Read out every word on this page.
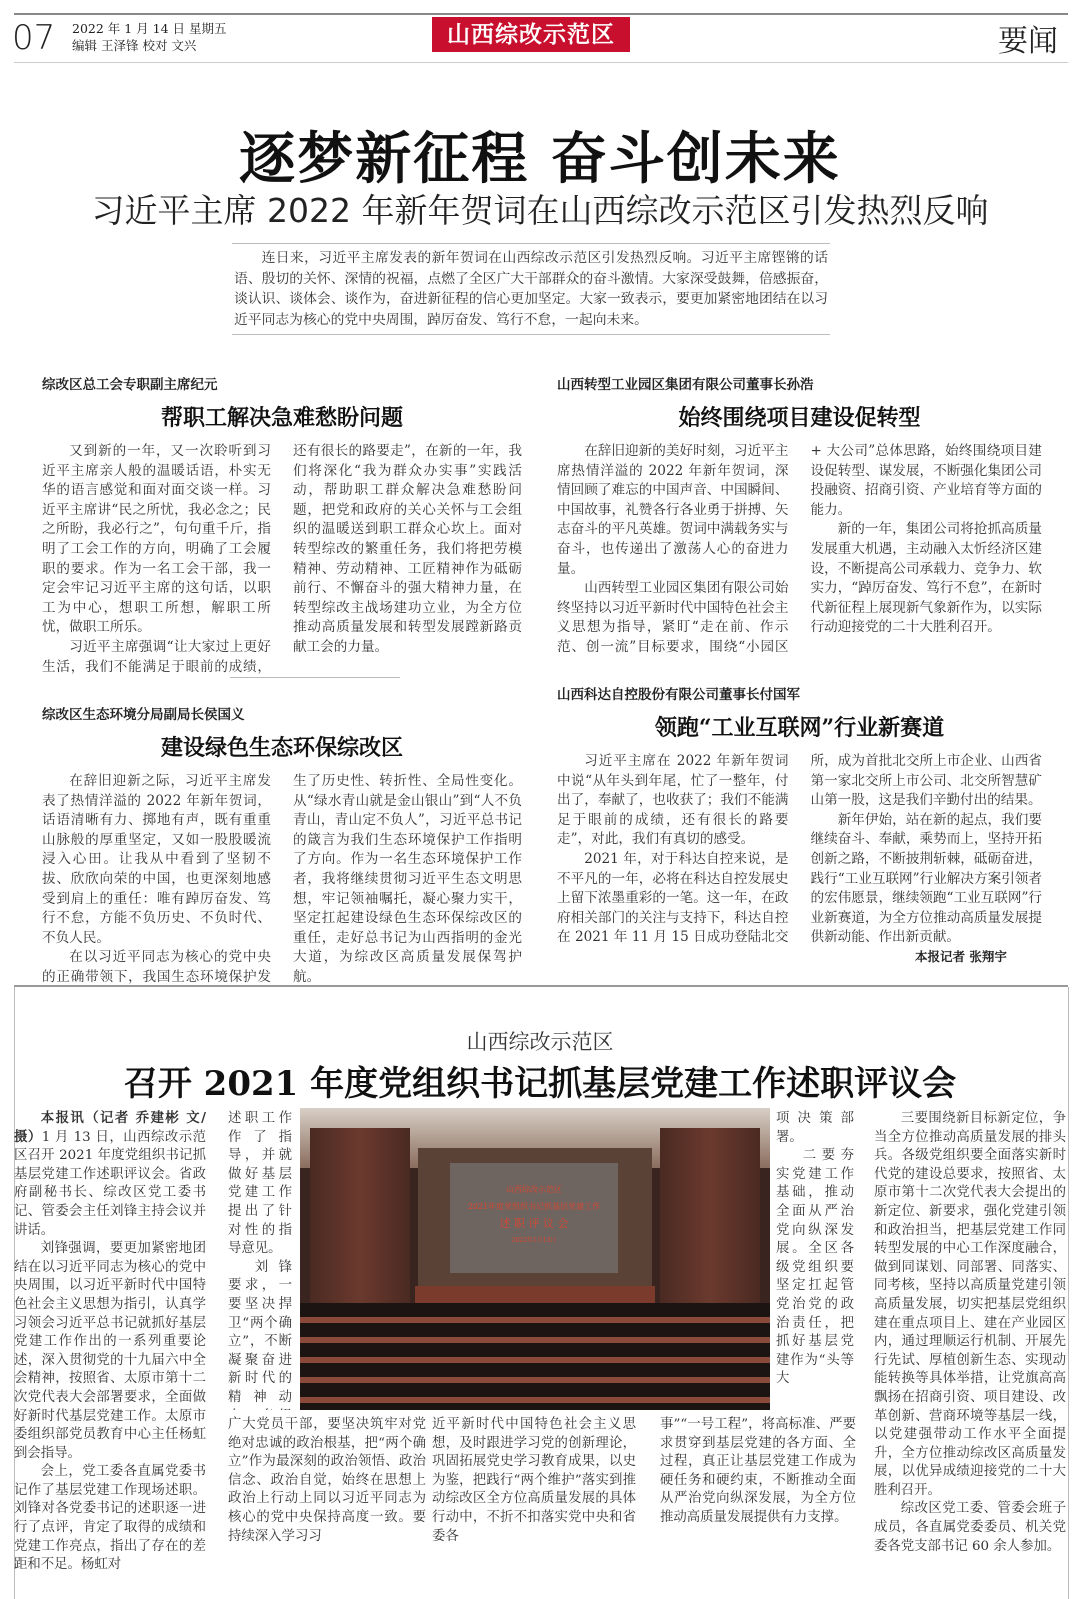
07 2022 年 1 月 14 日 星期五
编辑 王泽锋 校对 文兴	山西综改示范区	要闻
逐梦新征程 奋斗创未来
习近平主席 2022 年新年贺词在山西综改示范区引发热烈反响
连日来，习近平主席发表的新年贺词在山西综改示范区引发热烈反响。习近平主席铿锵的话语、殷切的关怀、深情的祝福，点燃了全区广大干部群众的奋斗激情。大家深受鼓舞，倍感振奋，谈认识、谈体会、谈作为，奋进新征程的信心更加坚定。大家一致表示，要更加紧密地团结在以习近平同志为核心的党中央周围，踔厉奋发、笃行不怠，一起向未来。
综改区总工会专职副主席纪元
帮职工解决急难愁盼问题

又到新的一年，又一次聆听到习近平主席亲人般的温暖话语，朴实无华的语言感觉和面对面交谈一样。习近平主席讲“民之所忧，我必念之；民之所盼，我必行之”，句句重千斤，指明了工会工作的方向，明确了工会履职的要求。作为一名工会干部，我一定会牢记习近平主席的这句话，以职工为中心，想职工所想，解职工所忧，做职工所乐。

习近平主席强调“让大家过上更好生活，我们不能满足于眼前的成绩，还有很长的路要走”，在新的一年，我们将深化“我为群众办实事”实践活动，帮助职工群众解决急难愁盼问题，把党和政府的关心关怀与工会组织的温暖送到职工群众心坎上。面对转型综改的繁重任务，我们将把劳模精神、劳动精神、工匠精神作为砥砺前行、不懈奋斗的强大精神力量，在转型综改主战场建功立业，为全方位推动高质量发展和转型发展蹚新路贡献工会的力量。

山西转型工业园区集团有限公司董事长孙浩
始终围绕项目建设促转型

在辞旧迎新的美好时刻，习近平主席热情洋溢的 2022 年新年贺词，深情回顾了难忘的中国声音、中国瞬间、中国故事，礼赞各行各业勇于拼搏、矢志奋斗的平凡英雄。贺词中满载务实与奋斗，也传递出了激荡人心的奋进力量。

山西转型工业园区集团有限公司始终坚持以习近平新时代中国特色社会主义思想为指导，紧盯“走在前、作示范、创一流”目标要求，围绕“小园区 + 大公司”总体思路，始终围绕项目建设促转型、谋发展，不断强化集团公司投融资、招商引资、产业培育等方面的能力。

新的一年，集团公司将抢抓高质量发展重大机遇，主动融入太忻经济区建设，不断提高公司承载力、竞争力、软实力，“踔厉奋发、笃行不怠”，在新时代新征程上展现新气象新作为，以实际行动迎接党的二十大胜利召开。

综改区生态环境分局副局长侯国义
建设绿色生态环保综改区

在辞旧迎新之际，习近平主席发表了热情洋溢的 2022 年新年贺词，话语清晰有力、掷地有声，既有重重山脉般的厚重坚定，又如一股股暖流浸入心田。让我从中看到了坚韧不拔、欣欣向荣的中国，也更深刻地感受到肩上的重任：唯有踔厉奋发、笃行不怠，方能不负历史、不负时代、不负人民。

在以习近平同志为核心的党中央的正确带领下，我国生态环境保护发生了历史性、转折性、全局性变化。从“绿水青山就是金山银山”到“人不负青山，青山定不负人”，习近平总书记的箴言为我们生态环境保护工作指明了方向。作为一名生态环境保护工作者，我将继续贯彻习近平生态文明思想，牢记领袖嘱托，凝心聚力实干，坚定扛起建设绿色生态环保综改区的重任，走好总书记为山西指明的金光大道，为综改区高质量发展保驾护航。

山西科达自控股份有限公司董事长付国军
领跑“工业互联网”行业新赛道

习近平主席在 2022 年新年贺词中说“从年头到年尾，忙了一整年，付出了，奉献了，也收获了；我们不能满足于眼前的成绩，还有很长的路要走”，对此，我们有真切的感受。

2021 年，对于科达自控来说，是不平凡的一年，必将在科达自控发展史上留下浓墨重彩的一笔。这一年，在政府相关部门的关注与支持下，科达自控在 2021 年 11 月 15 日成功登陆北交所，成为首批北交所上市企业、山西省第一家北交所上市公司、北交所智慧矿山第一股，这是我们辛勤付出的结果。

新年伊始，站在新的起点，我们要继续奋斗、奉献，乘势而上，坚持开拓创新之路，不断披荆斩棘，砥砺奋进，践行“工业互联网”行业解决方案引领者的宏伟愿景，继续领跑“工业互联网”行业新赛道，为全方位推动高质量发展提供新动能、作出新贡献。

本报记者 张翔宇
山西综改示范区
召开 2021 年度党组织书记抓基层党建工作述职评议会

本报讯（记者 乔建彬 文/摄）1 月 13 日，山西综改示范区召开 2021 年度党组织书记抓基层党建工作述职评议会。省政府副秘书长、综改区党工委书记、管委会主任刘锋主持会议并讲话。

刘锋强调，要更加紧密地团结在以习近平同志为核心的党中央周围，以习近平新时代中国特色社会主义思想为指引，认真学习领会习近平总书记就抓好基层党建工作作出的一系列重要论述，深入贯彻党的十九届六中全会精神，按照省、太原市第十二次党代表大会部署要求，全面做好新时代基层党建工作。太原市委组织部党员教育中心主任杨虹到会指导。

会上，党工委各直属党委书记作了基层党建工作现场述职。刘锋对各党委书记的述职逐一进行了点评，肯定了取得的成绩和党建工作亮点，指出了存在的差距和不足。杨虹对

述职工作作了指导，并就做好基层党建工作提出了针对性的指导意见。

刘锋要求，一要坚决捍卫“两个确立”，不断凝聚奋进新时代的精神动

山西综改示范区
2021年度党组织书记抓基层党建工作
述 职 评 议 会
2022年1月13日

项决策部署。

二要夯实党建工作基础，推动全面从严治党向纵深发展。全区各级党组织要坚定扛起管党治党的政治责任，把抓好基层党建作为“头等大

广大党员干部，要坚决筑牢对党绝对忠诚的政治根基，把“两个确立”作为最深刻的政治领悟、政治信念、政治自觉，始终在思想上政治上行动上同以习近平同志为核心的党中央保持高度一致。要持续深入学习习

近平新时代中国特色社会主义思想，及时跟进学习党的创新理论，巩固拓展党史学习教育成果，以史为鉴，把践行“两个维护”落实到推动综改区全方位高质量发展的具体行动中，不折不扣落实党中央和省委各

事”“一号工程”，将高标准、严要求贯穿到基层党建的各方面、全过程，真正让基层党建工作成为硬任务和硬约束，不断推动全面从严治党向纵深发展，为全方位推动高质量发展提供有力支撑。

三要围绕新目标新定位，争当全方位推动高质量发展的排头兵。各级党组织要全面落实新时代党的建设总要求，按照省、太原市第十二次党代表大会提出的新定位、新要求，强化党建引领和政治担当，把基层党建工作同转型发展的中心工作深度融合，做到同谋划、同部署、同落实、同考核，坚持以高质量党建引领高质量发展，切实把基层党组织建在重点项目上、建在产业园区内，通过理顺运行机制、开展先行先试、厚植创新生态、实现动能转换等具体举措，让党旗高高飘扬在招商引资、项目建设、改革创新、营商环境等基层一线，以党建强带动工作水平全面提升，全方位推动综改区高质量发展，以优异成绩迎接党的二十大胜利召开。

综改区党工委、管委会班子成员，各直属党委委员、机关党委各党支部书记 60 余人参加。
